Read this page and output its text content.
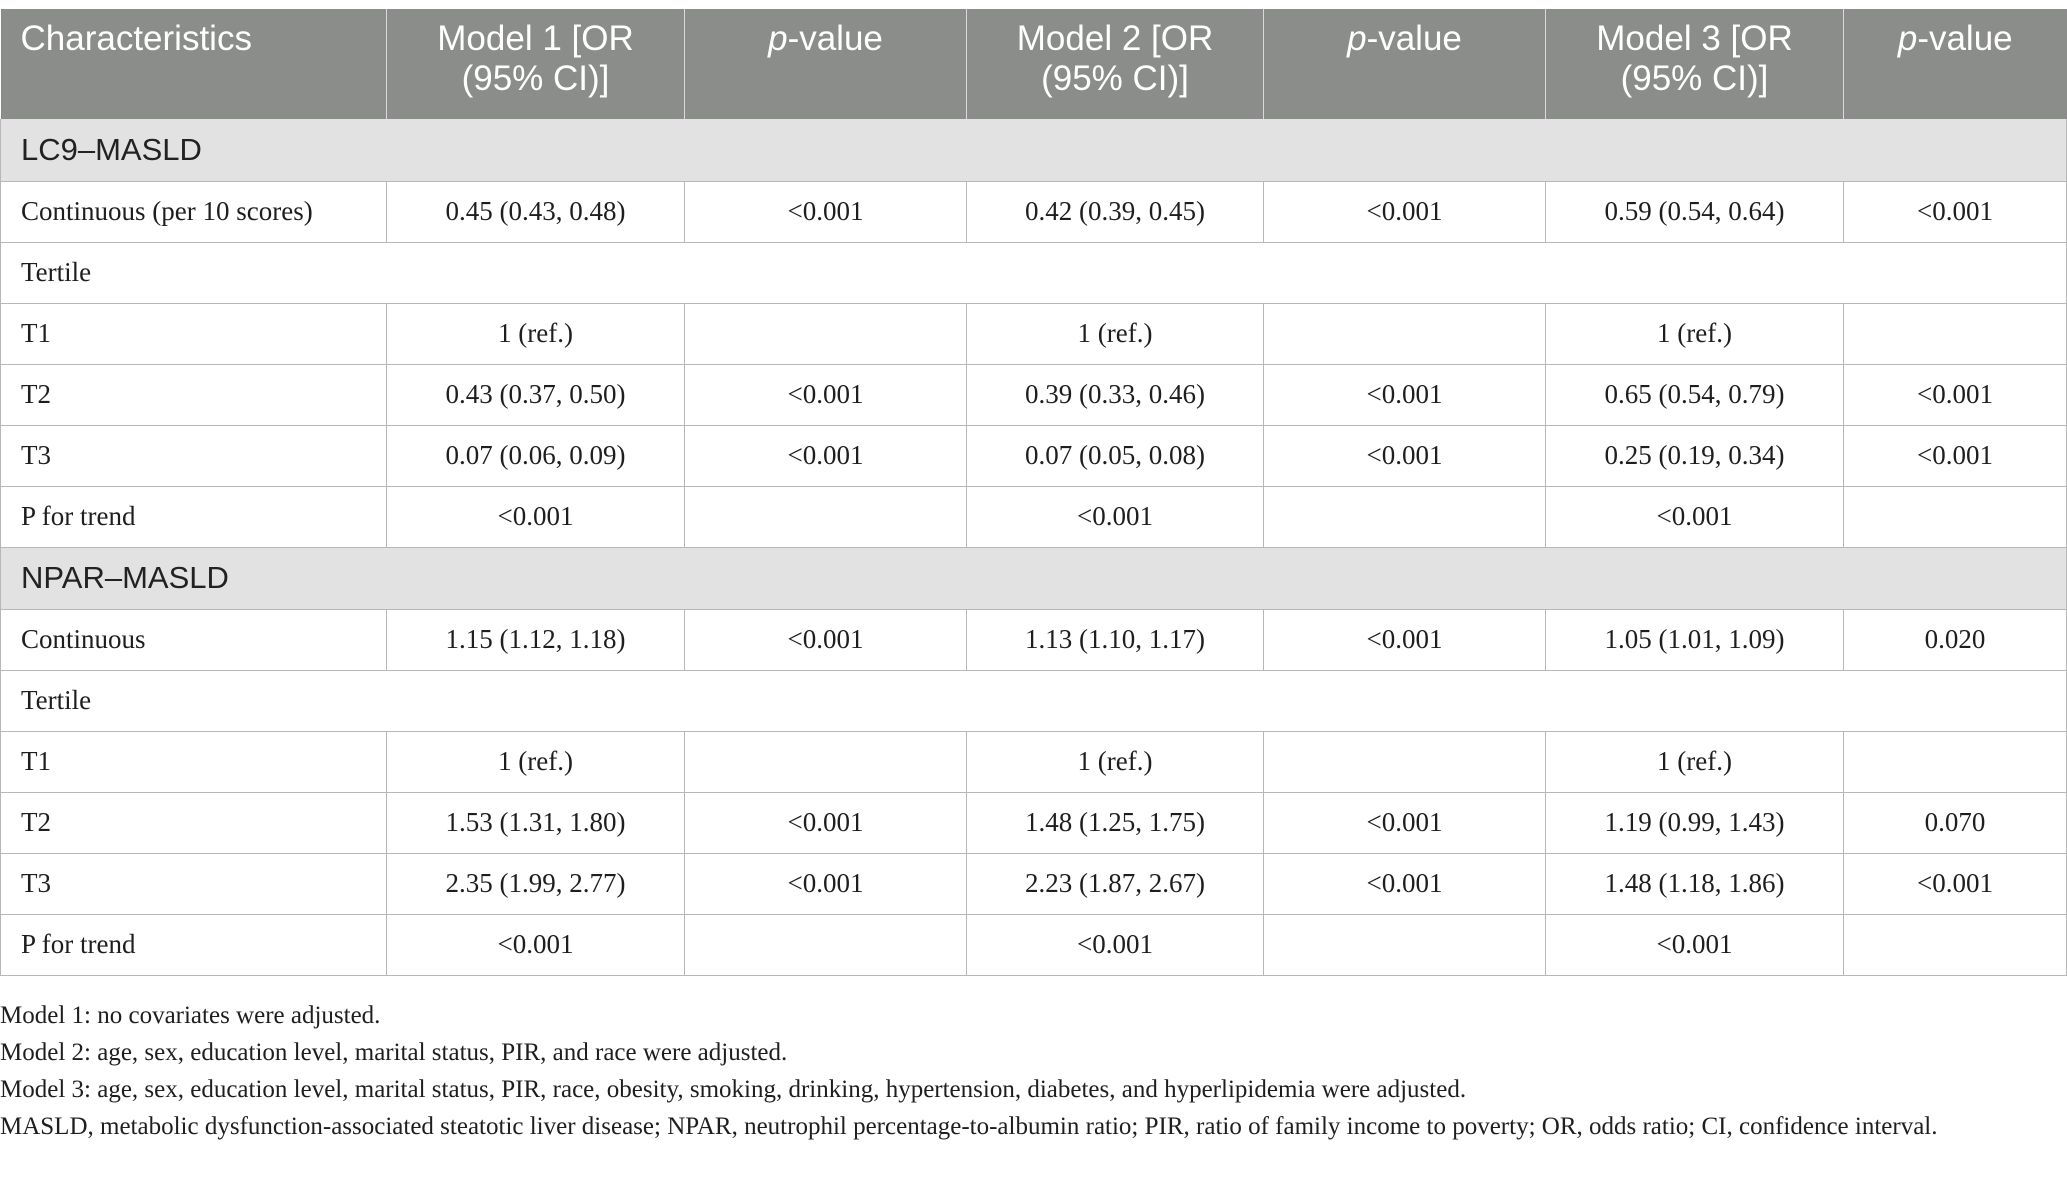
Characteristics	Model 1 [OR (95% CI)]	p-value	Model 2 [OR (95% CI)]	p-value	Model 3 [OR (95% CI)]	p-value
LC9–MASLD						
Continuous (per 10 scores)	0.45 (0.43, 0.48)	<0.001	0.42 (0.39, 0.45)	<0.001	0.59 (0.54, 0.64)	<0.001
Tertile						
T1	1 (ref.)		1 (ref.)		1 (ref.)	
T2	0.43 (0.37, 0.50)	<0.001	0.39 (0.33, 0.46)	<0.001	0.65 (0.54, 0.79)	<0.001
T3	0.07 (0.06, 0.09)	<0.001	0.07 (0.05, 0.08)	<0.001	0.25 (0.19, 0.34)	<0.001
P for trend	<0.001		<0.001		<0.001	
NPAR–MASLD						
Continuous	1.15 (1.12, 1.18)	<0.001	1.13 (1.10, 1.17)	<0.001	1.05 (1.01, 1.09)	0.020
Tertile						
T1	1 (ref.)		1 (ref.)		1 (ref.)	
T2	1.53 (1.31, 1.80)	<0.001	1.48 (1.25, 1.75)	<0.001	1.19 (0.99, 1.43)	0.070
T3	2.35 (1.99, 2.77)	<0.001	2.23 (1.87, 2.67)	<0.001	1.48 (1.18, 1.86)	<0.001
P for trend	<0.001		<0.001		<0.001	

Model 1: no covariates were adjusted.

Model 2: age, sex, education level, marital status, PIR, and race were adjusted.

Model 3: age, sex, education level, marital status, PIR, race, obesity, smoking, drinking, hypertension, diabetes, and hyperlipidemia were adjusted.

MASLD, metabolic dysfunction-associated steatotic liver disease; NPAR, neutrophil percentage-to-albumin ratio; PIR, ratio of family income to poverty; OR, odds ratio; CI, confidence interval.
